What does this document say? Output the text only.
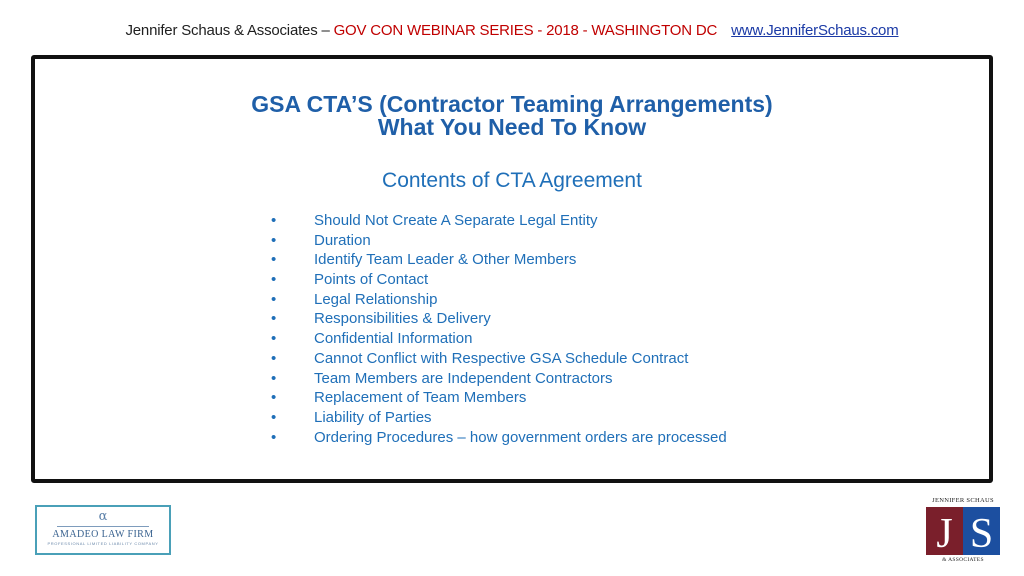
Jennifer Schaus & Associates – GOV CON WEBINAR SERIES - 2018 - WASHINGTON DC www.JenniferSchaus.com
GSA CTA’S (Contractor Teaming Arrangements)
What You Need To Know
Contents of CTA Agreement
•	Should Not Create A Separate Legal Entity
•	Duration
•	Identify Team Leader & Other Members
•	Points of Contact
•	Legal Relationship
•	Responsibilities & Delivery
•	Confidential Information
•	Cannot Conflict with Respective GSA Schedule Contract
•	Team Members are Independent Contractors
•	Replacement of Team Members
•	Liability of Parties
•	Ordering Procedures – how government orders are processed
α
AMADEO LAW FIRM
PROFESSIONAL LIMITED LIABILITY COMPANY
JENNIFER SCHAUS
J S
& ASSOCIATES
